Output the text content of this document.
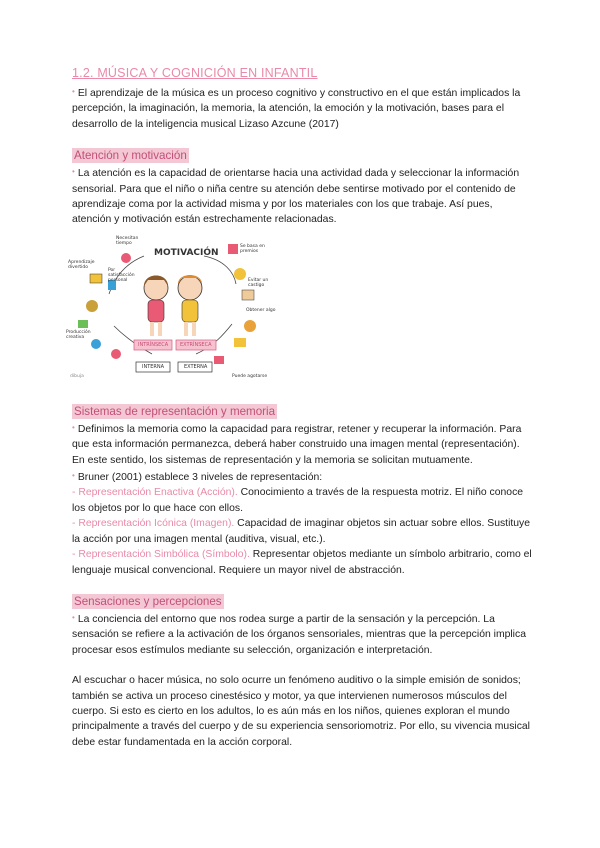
1.2. MÚSICA Y COGNICIÓN EN INFANTIL

• El aprendizaje de la música es un proceso cognitivo y constructivo en el que están implicados la percepción, la imaginación, la memoria, la atención, la emoción y la motivación, bases para el desarrollo de la inteligencia musical Lizaso Azcune (2017)

Atención y motivación

• La atención es la capacidad de orientarse hacia una actividad dada y seleccionar la información sensorial. Para que el niño o niña centre su atención debe sentirse motivado por el contenido de aprendizaje coma por la actividad misma y por los materiales con los que trabaje. Así pues, atención y motivación están estrechamente relacionadas.

MOTIVACIÓN
Necesitan tiempo
Aprendizaje divertido
Por satisfacción personal
Producción creativa
Se basa en premios
Evitar un castigo
Obtener algo
INTRÍNSECA EXTRÍNSECA
INTERNA	EXTERNA
Puede agotarse
dibuja
Sistemas de representación y memoria

• Definimos la memoria como la capacidad para registrar, retener y recuperar la información. Para que esta información permanezca, deberá haber construido una imagen mental (representación). En este sentido, los sistemas de representación y la memoria se solicitan mutuamente.

• Bruner (2001) establece 3 niveles de representación:

- Representación Enactiva (Acción). Conocimiento a través de la respuesta motriz. El niño conoce los objetos por lo que hace con ellos.

- Representación Icónica (Imagen). Capacidad de imaginar objetos sin actuar sobre ellos. Sustituye la acción por una imagen mental (auditiva, visual, etc.).

- Representación Simbólica (Símbolo). Representar objetos mediante un símbolo arbitrario, como el lenguaje musical convencional. Requiere un mayor nivel de abstracción.

Sensaciones y percepciones

• La conciencia del entorno que nos rodea surge a partir de la sensación y la percepción. La sensación se refiere a la activación de los órganos sensoriales, mientras que la percepción implica procesar esos estímulos mediante su selección, organización e interpretación.

Al escuchar o hacer música, no solo ocurre un fenómeno auditivo o la simple emisión de sonidos; también se activa un proceso cinestésico y motor, ya que intervienen numerosos músculos del cuerpo. Si esto es cierto en los adultos, lo es aún más en los niños, quienes exploran el mundo principalmente a través del cuerpo y de su experiencia sensoriomotriz. Por ello, su vivencia musical debe estar fundamentada en la acción corporal.
